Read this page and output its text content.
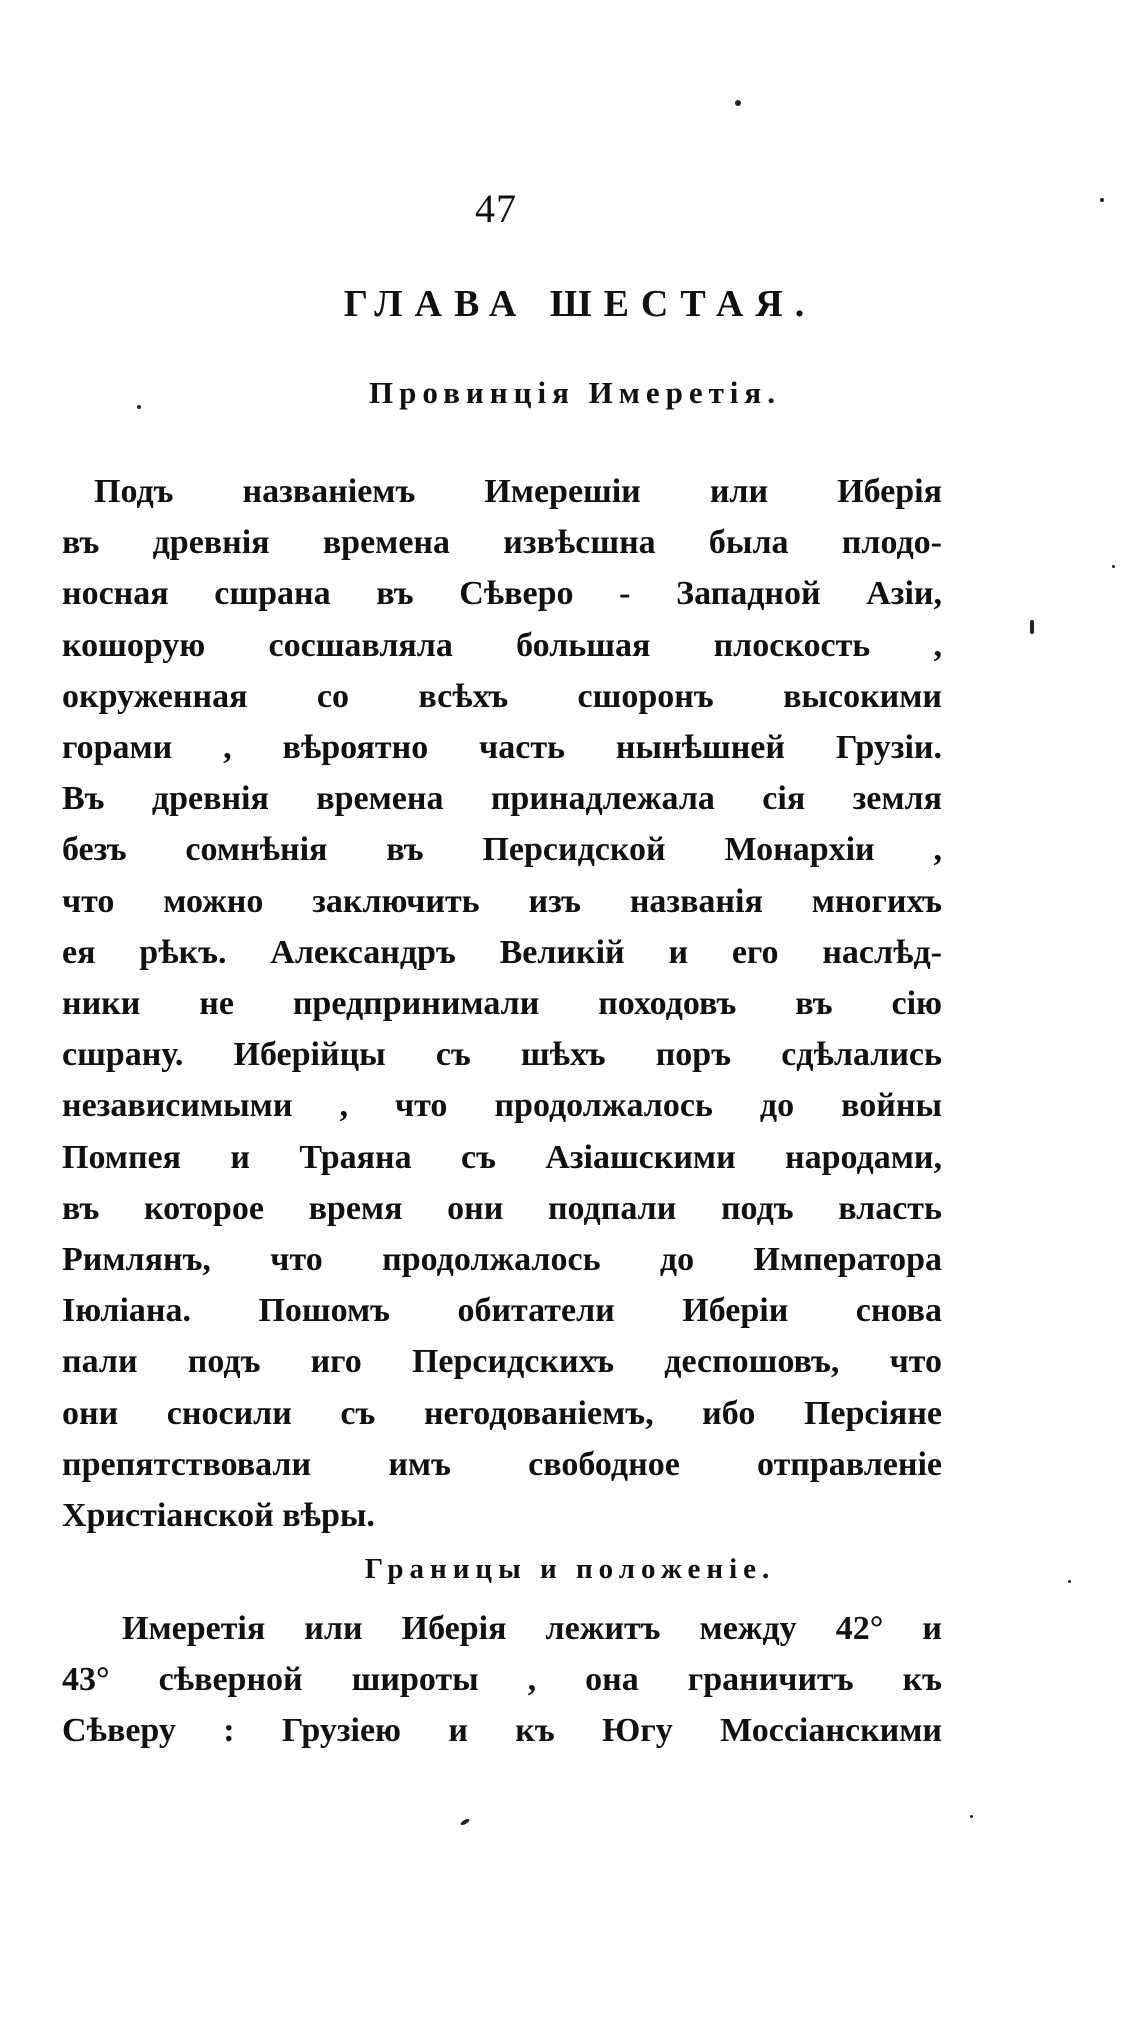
47
ГЛАВА ШЕСТАЯ.
Провинція Имеретія.
Подъ названіемъ Имерешіи или Иберія
въ древнія времена извѣсшна была плодо-
носная сшрана въ Сѣверо - Западной Азіи,
кошорую сосшавляла большая плоскость ,
окруженная со всѣхъ сшоронъ высокими
горами , вѣроятно часть нынѣшней Грузіи.
Въ древнія времена принадлежала сія земля
безъ сомнѣнія въ Персидской Монархіи ,
что можно заключить изъ названія многихъ
ея рѣкъ. Александръ Великій и его наслѣд-
ники не предпринимали походовъ въ сію
сшрану. Иберійцы съ шѣхъ поръ сдѣлались
независимыми , что продолжалось до войны
Помпея и Траяна съ Азіашскими народами,
въ которое время они подпали подъ власть
Римлянъ, что продолжалось до Императора
Іюліана. Пошомъ обитатели Иберіи снова
пали подъ иго Персидскихъ деспошовъ, что
они сносили съ негодованіемъ, ибо Персіяне
препятствовали имъ свободное отправленіе
Христіанской вѣры.
Границы и положеніе.
Имеретія или Иберія лежитъ между 42° и
43° сѣверной широты , она граничитъ къ
Сѣверу : Грузіею и къ Югу Моссіанскими
